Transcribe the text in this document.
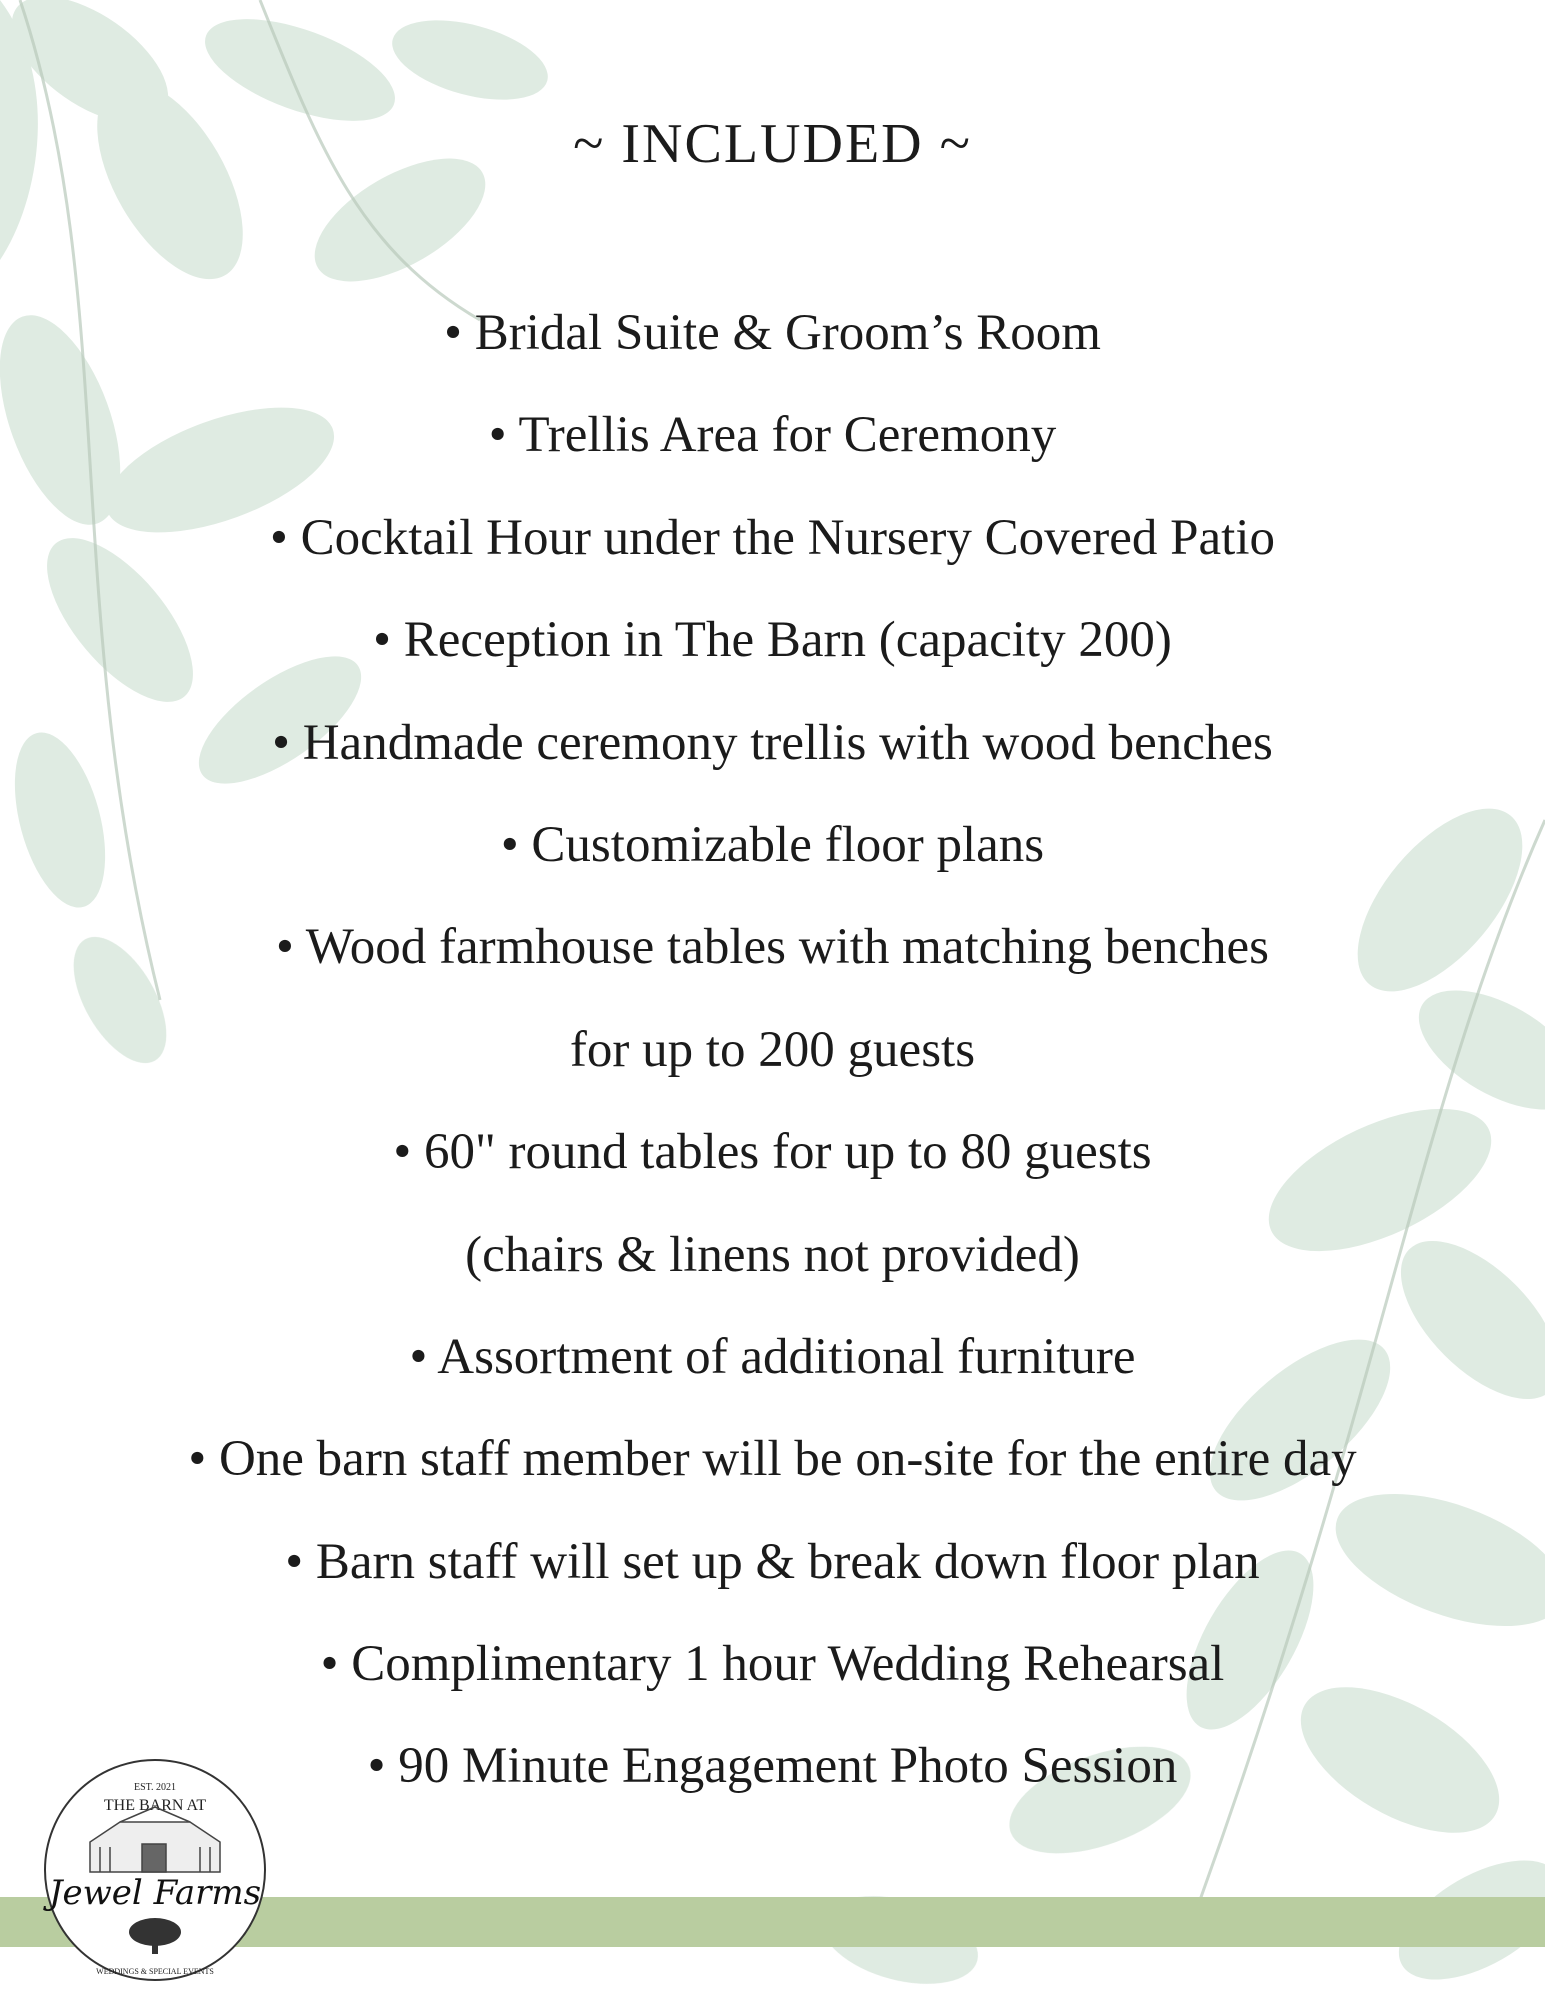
~ INCLUDED ~
• Bridal Suite & Groom’s Room
• Trellis Area for Ceremony
• Cocktail Hour under the Nursery Covered Patio
• Reception in The Barn (capacity 200)
• Handmade ceremony trellis with wood benches
• Customizable floor plans
• Wood farmhouse tables with matching benches
for up to 200 guests
• 60" round tables for up to 80 guests
(chairs & linens not provided)
• Assortment of additional furniture
• One barn staff member will be on-site for the entire day
• Barn staff will set up & break down floor plan
• Complimentary 1 hour Wedding Rehearsal
• 90 Minute Engagement Photo Session
EST. 2021
THE BARN AT
Jewel Farms
WEDDINGS & SPECIAL EVENTS
